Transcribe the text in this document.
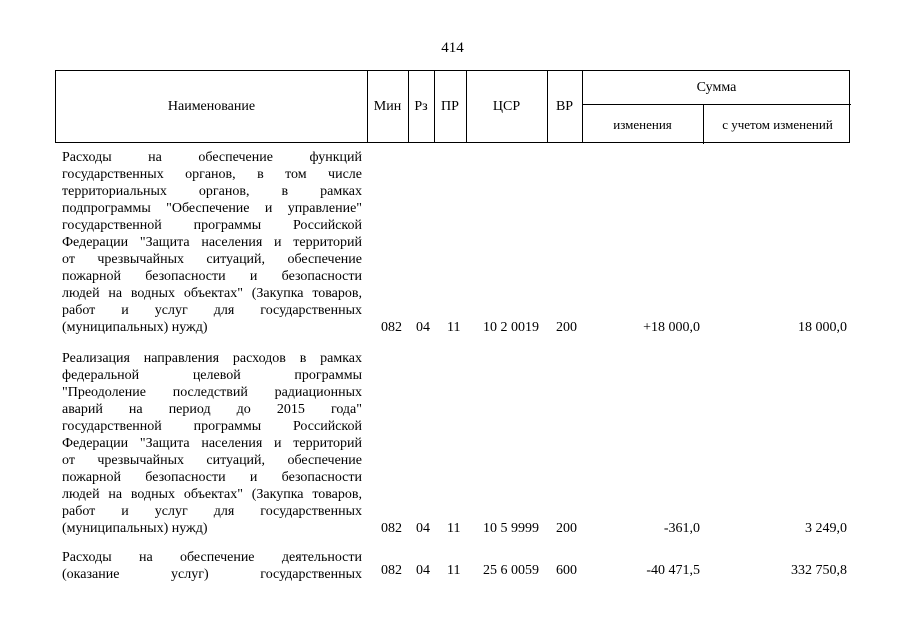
414
Наименование	Мин Рз ПР	ЦСР	ВР
Сумма
изменения	с учетом изменений
Расходы на обеспечение функций
государственных органов, в том числе
территориальных органов, в рамках
подпрограммы "Обеспечение и управление"
государственной программы Российской
Федерации "Защита населения и территорий
от чрезвычайных ситуаций, обеспечение
пожарной безопасности и безопасности
людей на водных объектах" (Закупка товаров,
работ и услуг для государственных
(муниципальных) нужд)	082 04 11 10 2 0019 200	+18 000,0	18 000,0
Реализация направления расходов в рамках
федеральной целевой программы
"Преодоление последствий радиационных
аварий на период до 2015 года"
государственной программы Российской
Федерации "Защита населения и территорий
от чрезвычайных ситуаций, обеспечение
пожарной безопасности и безопасности
людей на водных объектах" (Закупка товаров,
работ и услуг для государственных
(муниципальных) нужд)	082 04 11 10 5 9999 200	-361,0	3 249,0
Расходы на обеспечение деятельности
(оказание услуг) государственных 082 04 11 25 6 0059 600	-40 471,5	332 750,8
